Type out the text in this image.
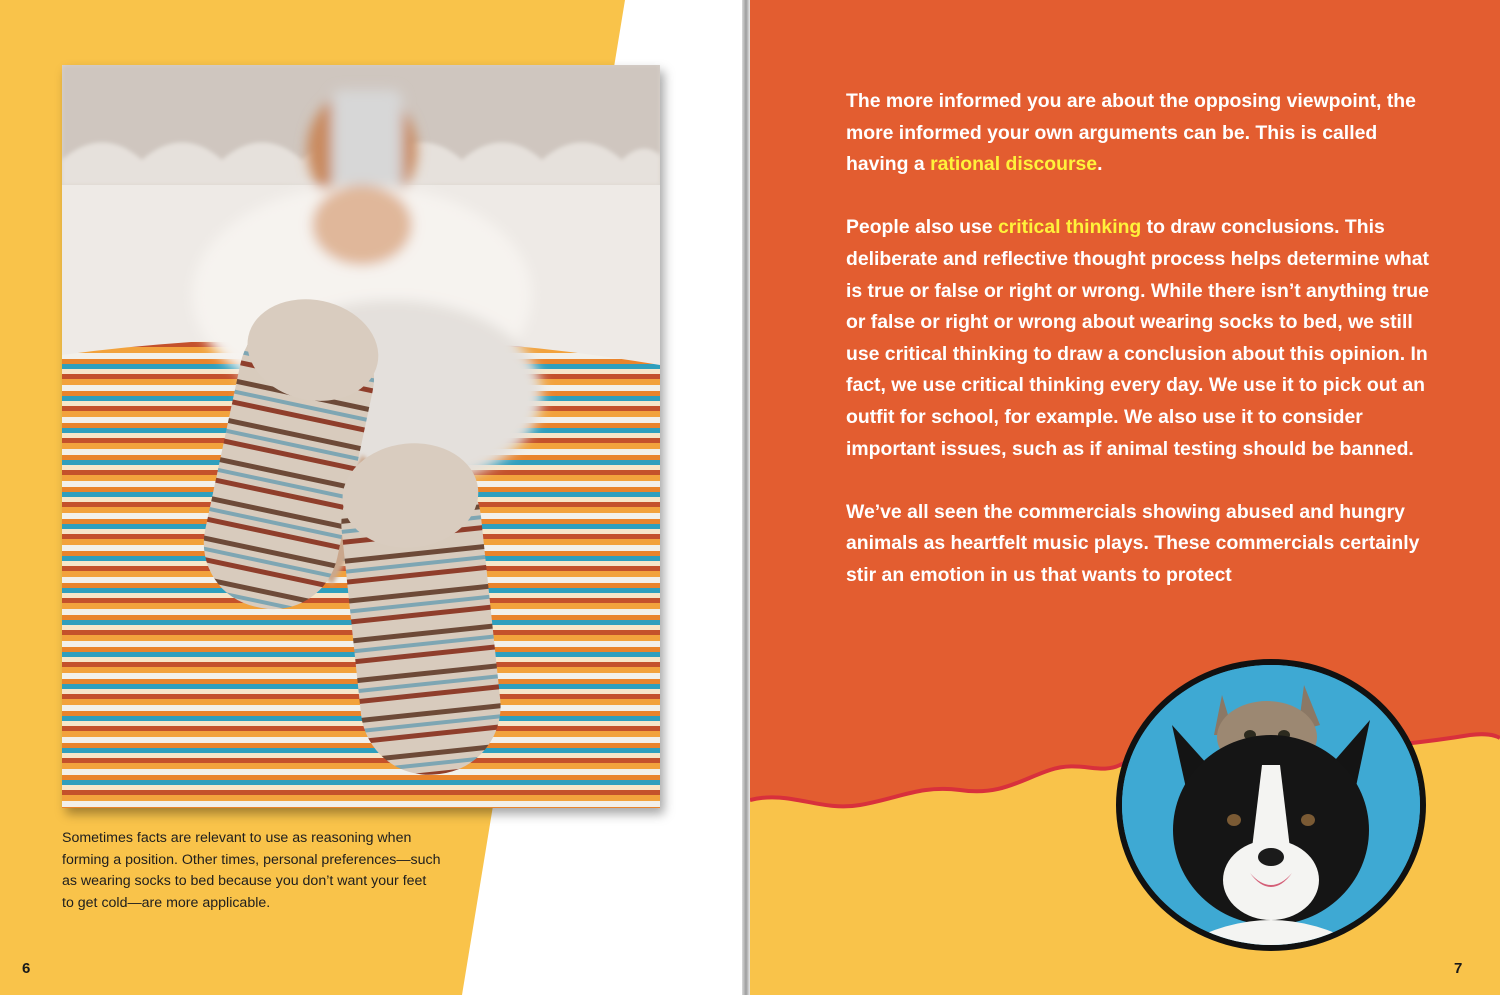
Sometimes facts are relevant to use as reasoning when forming a position. Other times, personal preferences—such as wearing socks to bed because you don’t want your feet to get cold—are more applicable.

6

The more informed you are about the opposing viewpoint, the more informed your own arguments can be. This is called having a rational discourse.

People also use critical thinking to draw conclusions. This deliberate and reflective thought process helps determine what is true or false or right or wrong. While there isn’t anything true or false or right or wrong about wearing socks to bed, we still use critical thinking to draw a conclusion about this opinion. In fact, we use critical thinking every day. We use it to pick out an outfit for school, for example. We also use it to consider important issues, such as if animal testing should be banned.

We’ve all seen the commercials showing abused and hungry animals as heartfelt music plays. These commercials certainly stir an emotion in us that wants to protect

7
